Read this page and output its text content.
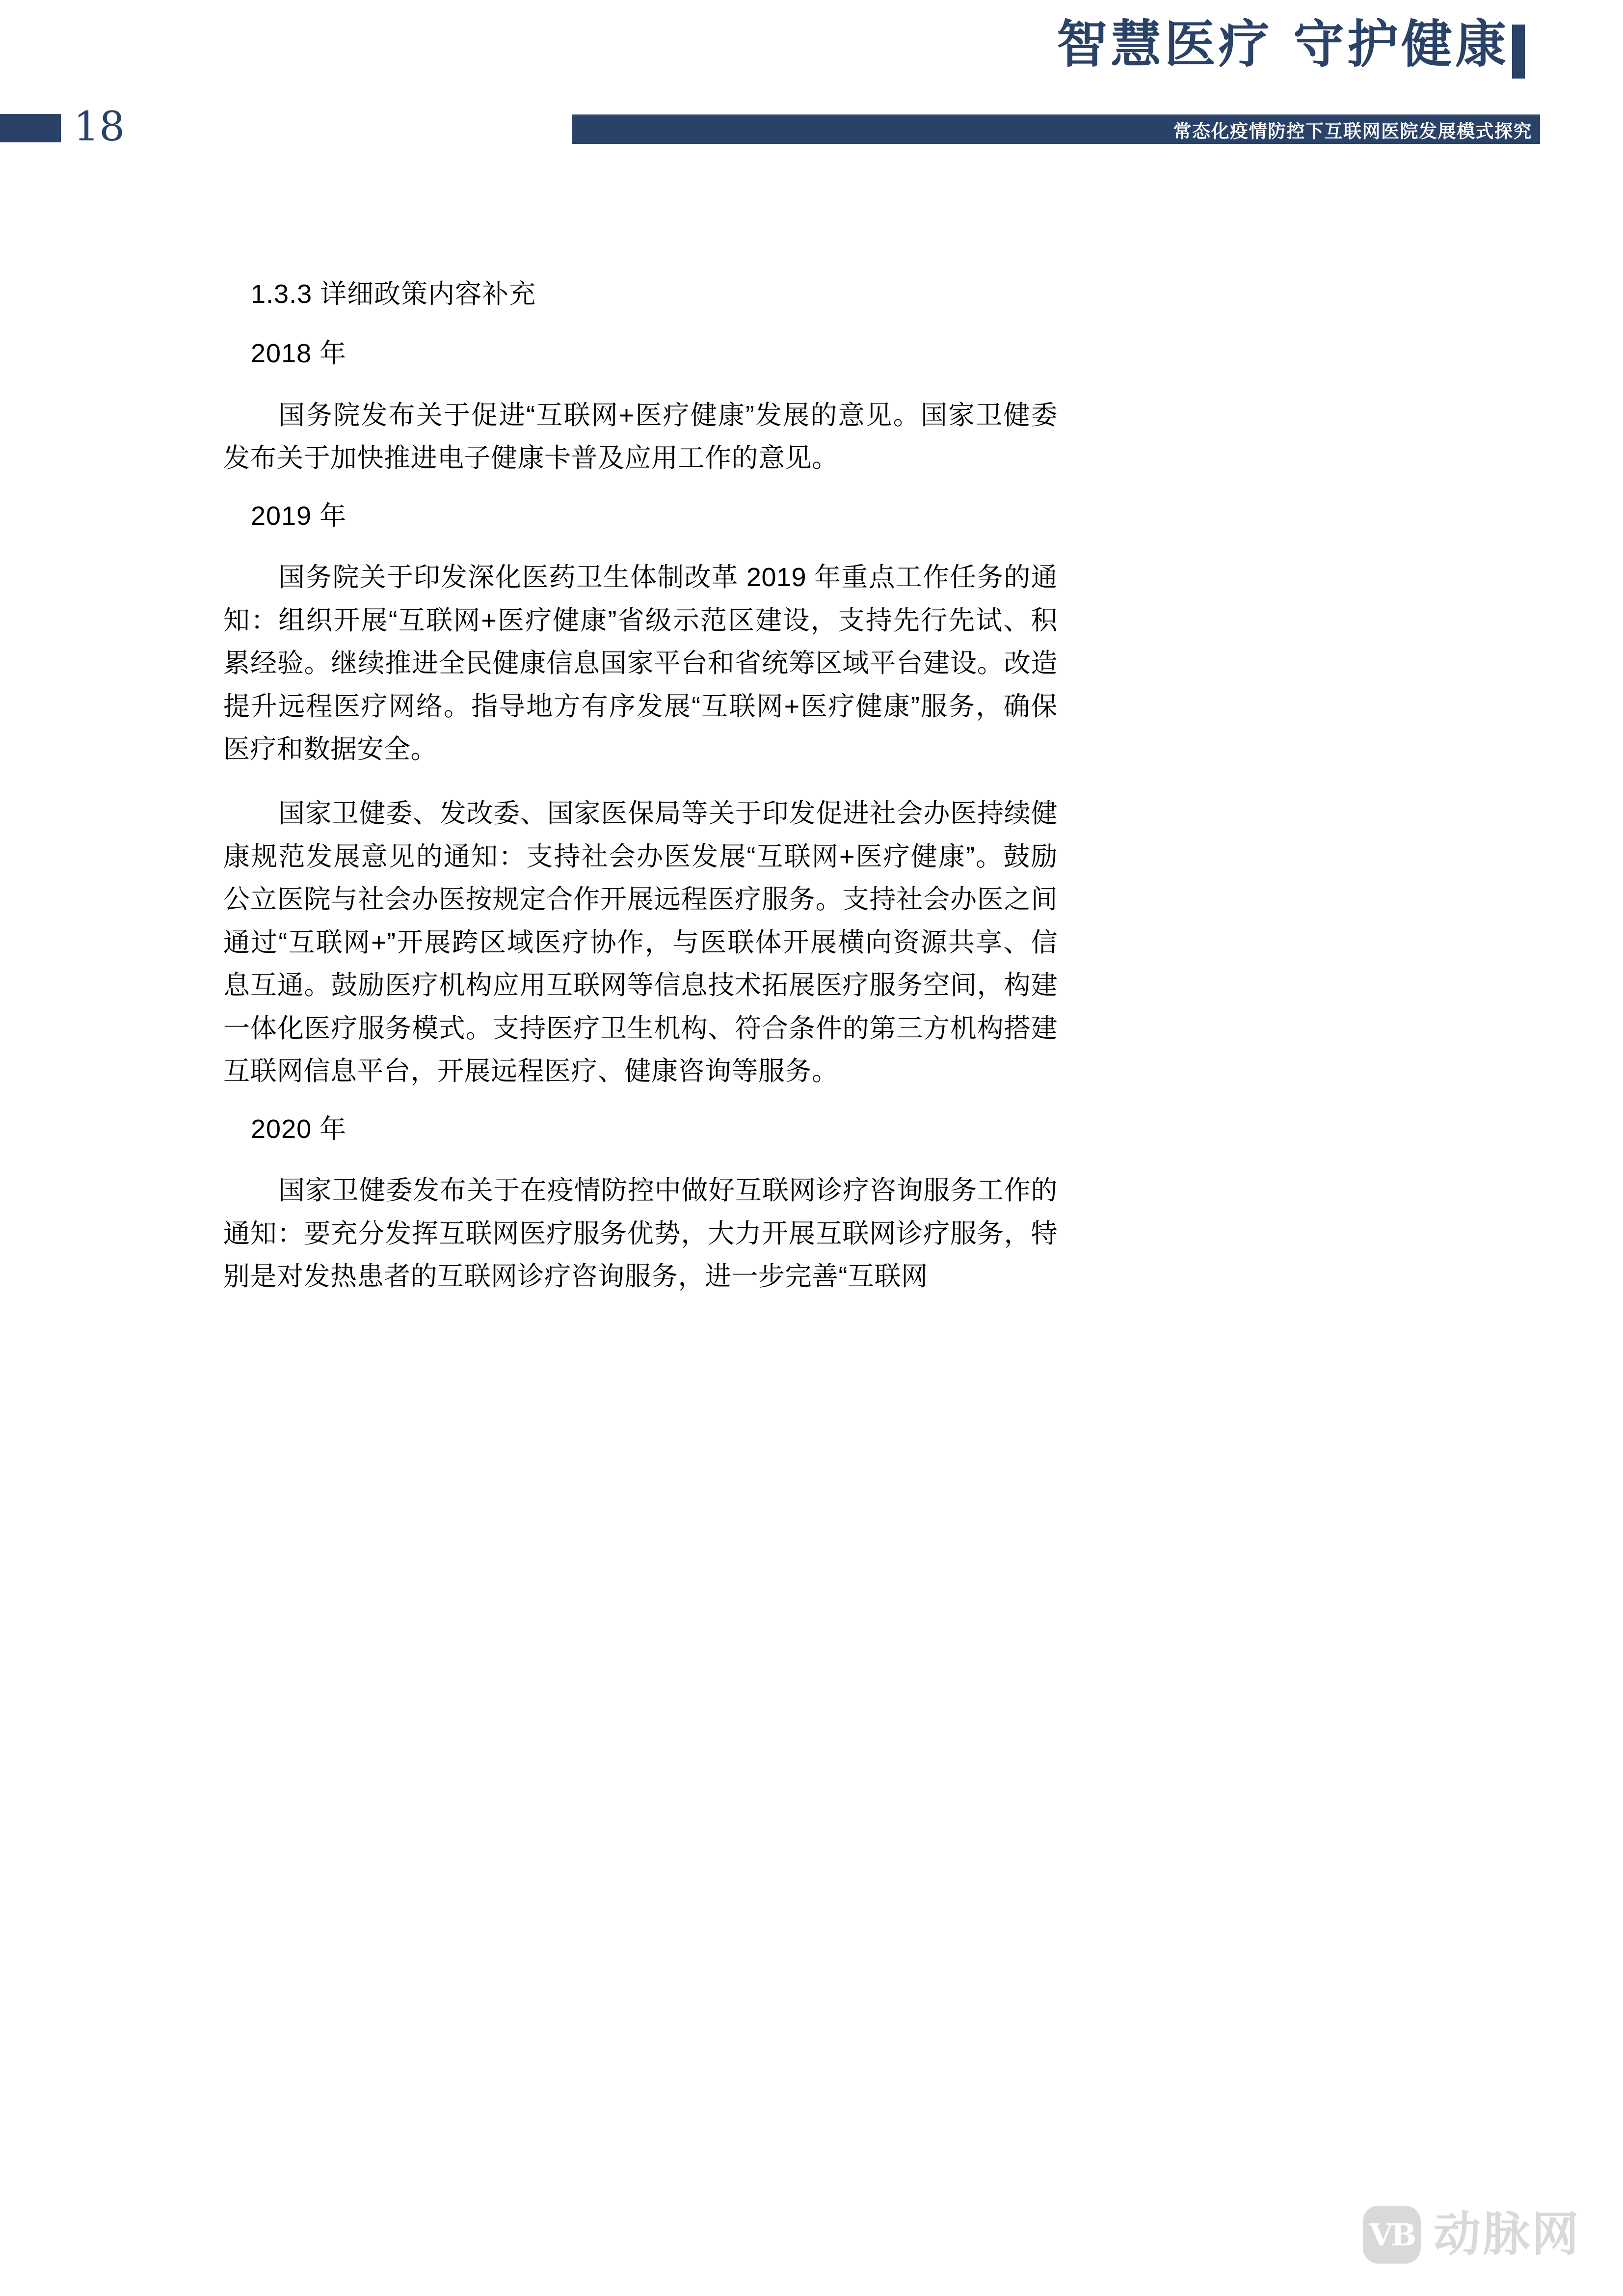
智慧医疗 守护健康
18	常态化疫情防控下互联网医院发展模式探究
1.3.3 详细政策内容补充
2018 年

国务院发布关于促进“互联网+医疗健康”发展的意见。国家卫健委发布关于加快推进电子健康卡普及应用工作的意见。

2019 年

国务院关于印发深化医药卫生体制改革 2019 年重点工作任务的通知：组织开展“互联网+医疗健康”省级示范区建设，支持先行先试、积累经验。继续推进全民健康信息国家平台和省统筹区域平台建设。改造提升远程医疗网络。指导地方有序发展“互联网+医疗健康”服务，确保医疗和数据安全。

国家卫健委、发改委、国家医保局等关于印发促进社会办医持续健康规范发展意见的通知：支持社会办医发展“互联网+医疗健康”。鼓励公立医院与社会办医按规定合作开展远程医疗服务。支持社会办医之间通过“互联网+”开展跨区域医疗协作，与医联体开展横向资源共享、信息互通。鼓励医疗机构应用互联网等信息技术拓展医疗服务空间，构建一体化医疗服务模式。支持医疗卫生机构、符合条件的第三方机构搭建互联网信息平台，开展远程医疗、健康咨询等服务。

2020 年

国家卫健委发布关于在疫情防控中做好互联网诊疗咨询服务工作的通知：要充分发挥互联网医疗服务优势，大力开展互联网诊疗服务，特别是对发热患者的互联网诊疗咨询服务，进一步完善“互联网

VB 动脉网
